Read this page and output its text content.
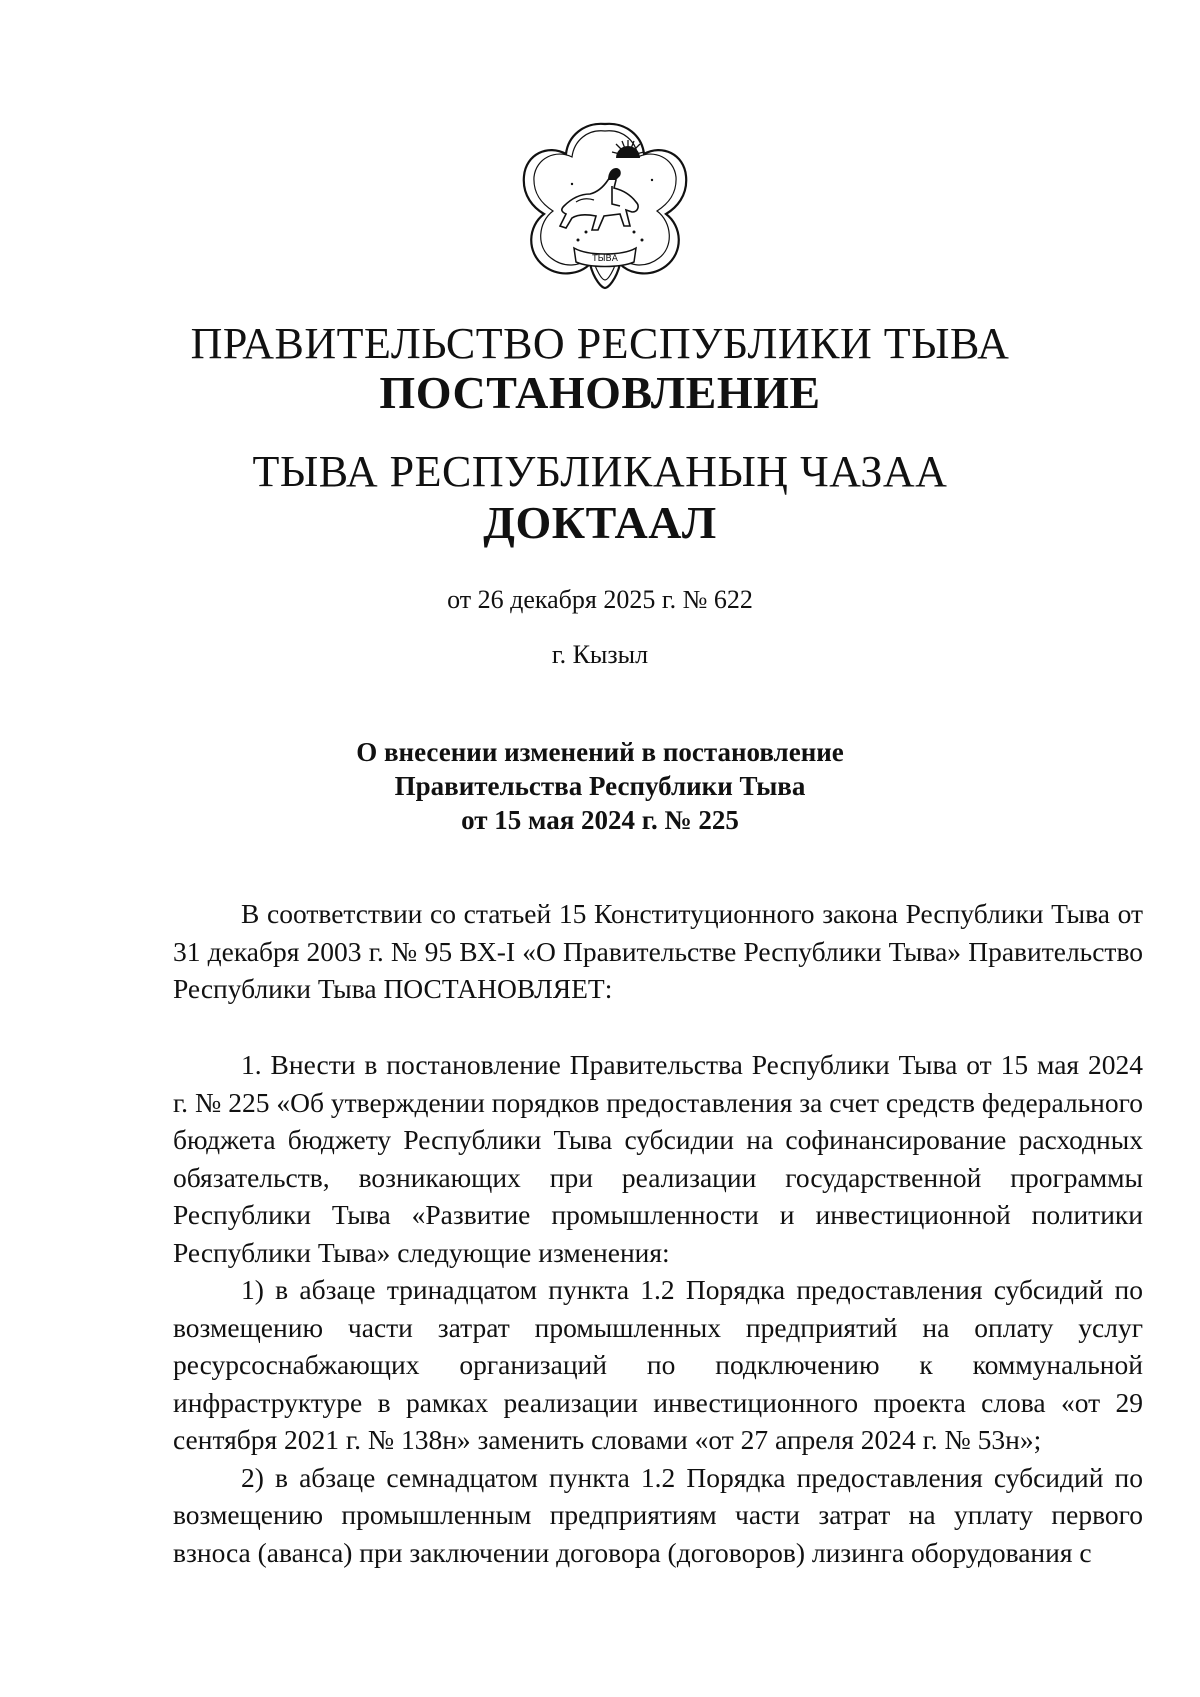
ТЫВА
ПРАВИТЕЛЬСТВО РЕСПУБЛИКИ ТЫВА
ПОСТАНОВЛЕНИЕ
ТЫВА РЕСПУБЛИКАНЫҢ ЧАЗАА
ДОКТААЛ
от 26 декабря 2025 г. № 622
г. Кызыл
О внесении изменений в постановление
Правительства Республики Тыва
от 15 мая 2024 г. № 225

В соответствии со статьей 15 Конституционного закона Республики Тыва от 31 декабря 2003 г. № 95 ВХ-I «О Правительстве Республики Тыва» Правительство Республики Тыва ПОСТАНОВЛЯЕТ:

1. Внести в постановление Правительства Республики Тыва от 15 мая 2024 г. № 225 «Об утверждении порядков предоставления за счет средств федерального бюджета бюджету Республики Тыва субсидии на софинансирование расходных обязательств, возникающих при реализации государственной программы Республики Тыва «Развитие промышленности и инвестиционной политики Республики Тыва» следующие изменения:

1) в абзаце тринадцатом пункта 1.2 Порядка предоставления субсидий по возмещению части затрат промышленных предприятий на оплату услуг ресурсоснабжающих организаций по подключению к коммунальной инфраструктуре в рамках реализации инвестиционного проекта слова «от 29 сентября 2021 г. № 138н» заменить словами «от 27 апреля 2024 г. № 53н»;

2) в абзаце семнадцатом пункта 1.2 Порядка предоставления субсидий по возмещению промышленным предприятиям части затрат на уплату первого взноса (аванса) при заключении договора (договоров) лизинга оборудования с
